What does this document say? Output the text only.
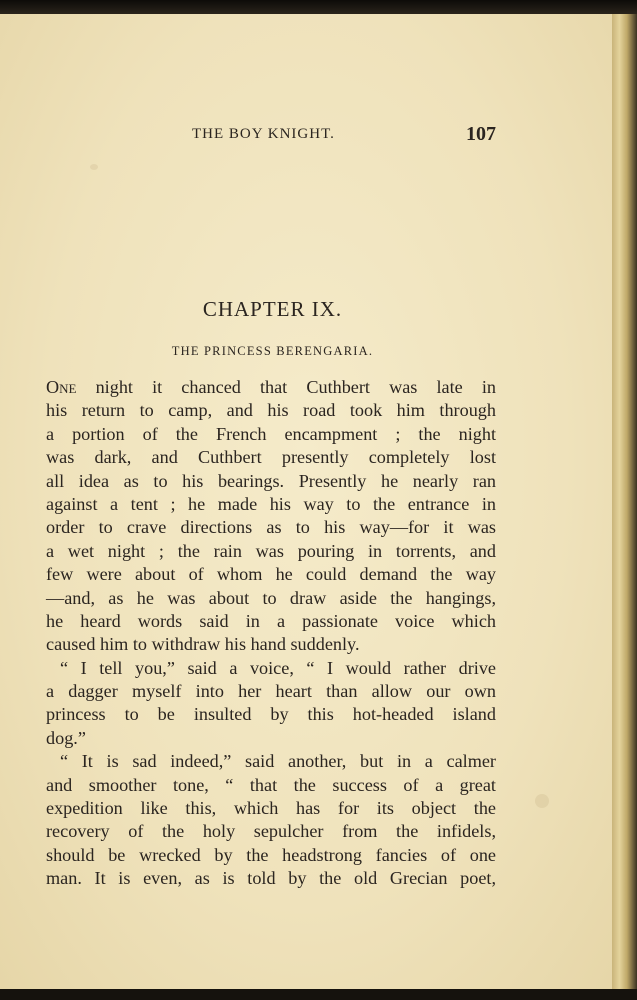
THE BOY KNIGHT.	107
CHAPTER IX.
THE PRINCESS BERENGARIA.
One night it chanced that Cuthbert was late in
his return to camp, and his road took him through
a portion of the French encampment ; the night
was dark, and Cuthbert presently completely lost
all idea as to his bearings. Presently he nearly ran
against a tent ; he made his way to the entrance in
order to crave directions as to his way—for it was
a wet night ; the rain was pouring in torrents, and
few were about of whom he could demand the way
—and, as he was about to draw aside the hangings,
he heard words said in a passionate voice which
caused him to withdraw his hand suddenly.
“ I tell you,” said a voice, “ I would rather drive
a dagger myself into her heart than allow our own
princess to be insulted by this hot-headed island
dog.”
“ It is sad indeed,” said another, but in a calmer
and smoother tone, “ that the success of a great
expedition like this, which has for its object the
recovery of the holy sepulcher from the infidels,
should be wrecked by the headstrong fancies of one
man. It is even, as is told by the old Grecian poet,
